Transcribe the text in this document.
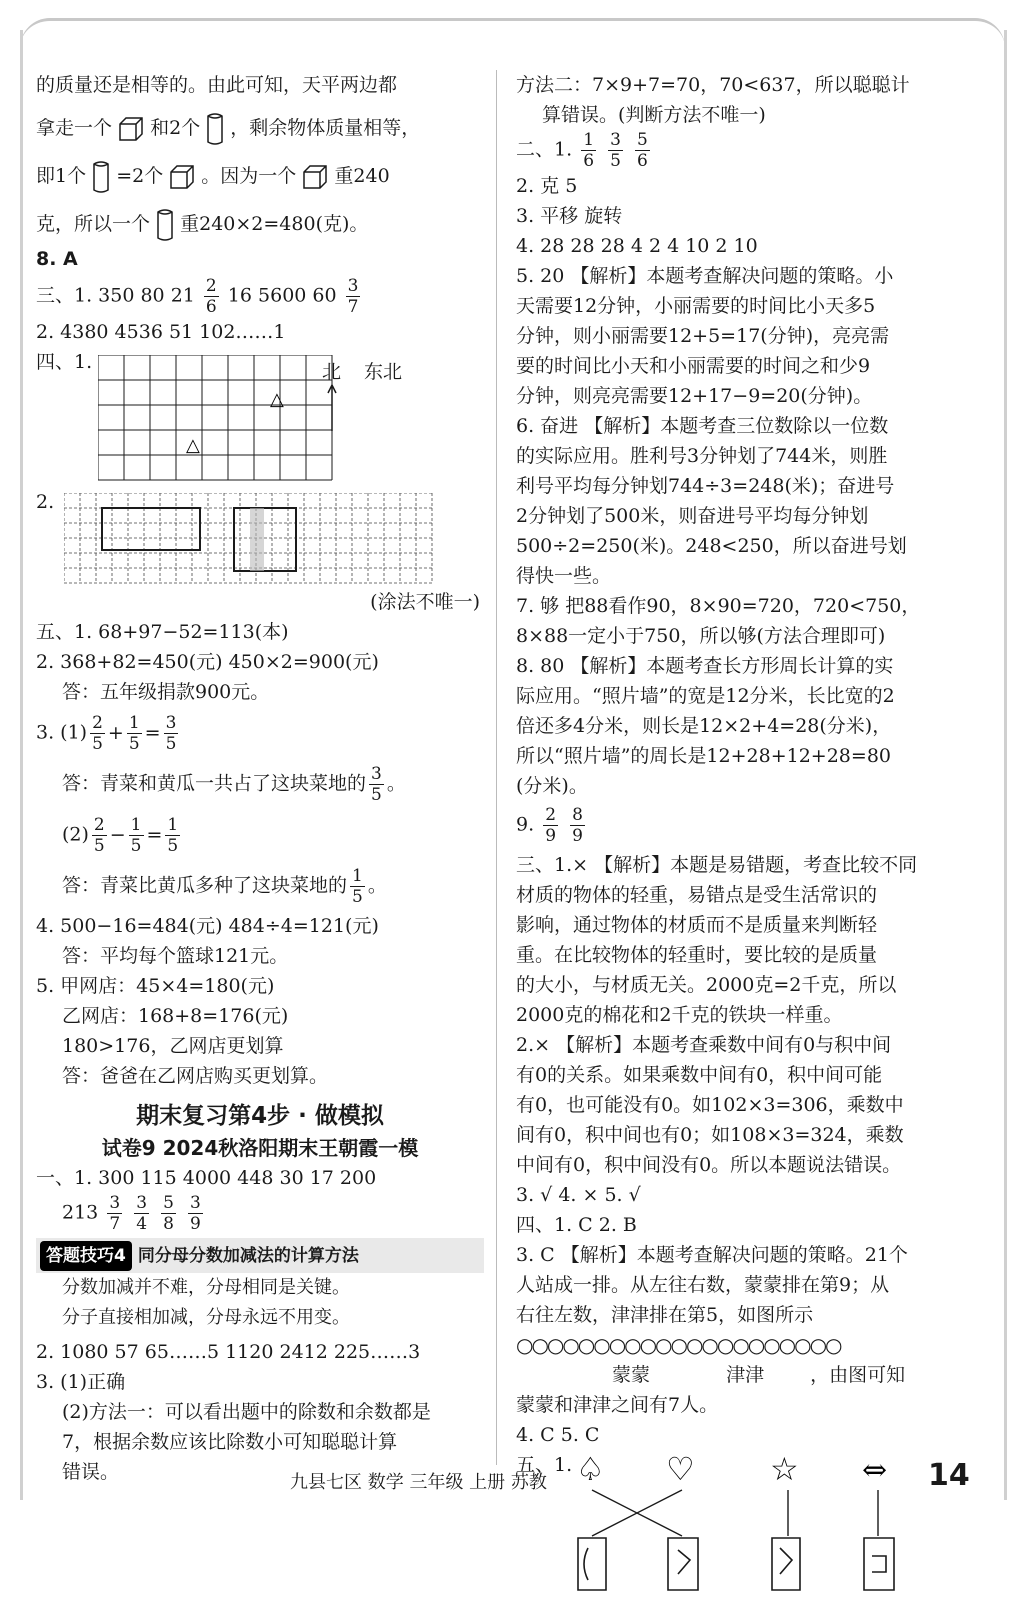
的质量还是相等的。由此可知，天平两边都
拿走一个 和2个 ，剩余物体质量相等，
即1个 =2个 。因为一个 重240
克，所以一个 重240×2=480(克)。
8. A
三、1. 350 80 $21 \frac{2}{6} 16$ 5600 $60 \frac{3}{7}$
2. 4380 4536 51 102……1
四、1.
△
△
北 东北
2.
(涂法不唯一)
五、1. 68+97−52=113(本)
2. 368+82=450(元) 450×2=900(元)
答：五年级捐款900元。
3. $(1) \frac{2}{5} + \frac{1}{5} = \frac{3}{5}$
答：青菜和黄瓜一共占了这块菜地的 $\frac{3}{5}$ 。
$(2) \frac{2}{5} - \frac{1}{5} = \frac{1}{5}$
答：青菜比黄瓜多种了这块菜地的 $\frac{1}{5}$ 。
4. 500−16=484(元) 484÷4=121(元)
答：平均每个篮球121元。
5. 甲网店：45×4=180(元)
乙网店：168+8=176(元)
180>176，乙网店更划算
答：爸爸在乙网店购买更划算。
期末复习第4步 · 做模拟
试卷9 2024秋洛阳期末王朝霞一模
一、1. 300 115 4000 448 30 17 200
$213 \frac{3}{7}$
$\frac{3}{4}$
$\frac{5}{8}$
$\frac{3}{9}$
答题技巧4 同分母分数加减法的计算方法
分数加减并不难，分母相同是关键。
分子直接相加减，分母永远不用变。
2. 1080 57 65……5 1120 2412 225……3
3. (1)正确
(2)方法一：可以看出题中的除数和余数都是
7，根据余数应该比除数小可知聪聪计算
错误。
方法二：7×9+7=70，70<637，所以聪聪计
算错误。(判断方法不唯一)
二、1. $\frac{1}{6}$
$\frac{3}{5}$
$\frac{5}{6}$
2. 克 5
3. 平移 旋转
4. 28 28 28 4 2 4 10 2 10
5. 20 【解析】本题考查解决问题的策略。小
天需要12分钟，小丽需要的时间比小天多5
分钟，则小丽需要12+5=17(分钟)，亮亮需
要的时间比小天和小丽需要的时间之和少9
分钟，则亮亮需要12+17−9=20(分钟)。
6. 奋进 【解析】本题考查三位数除以一位数
的实际应用。胜利号3分钟划了744米，则胜
利号平均每分钟划744÷3=248(米)；奋进号
2分钟划了500米，则奋进号平均每分钟划
500÷2=250(米)。248<250，所以奋进号划
得快一些。
7. 够 把88看作90，8×90=720，720<750，
8×88一定小于750，所以够(方法合理即可)
8. 80 【解析】本题考查长方形周长计算的实
际应用。“照片墙”的宽是12分米，长比宽的2
倍还多4分米，则长是12×2+4=28(分米)，
所以“照片墙”的周长是12+28+12+28=80
(分米)。
9. $\frac{2}{9}$
$\frac{8}{9}$
三、1.× 【解析】本题是易错题，考查比较不同
材质的物体的轻重，易错点是受生活常识的
影响，通过物体的材质而不是质量来判断轻
重。在比较物体的轻重时，要比较的是质量
的大小，与材质无关。2000克=2千克，所以
2000克的棉花和2千克的铁块一样重。
2.× 【解析】本题考查乘数中间有0与积中间
有0的关系。如果乘数中间有0，积中间可能
有0，也可能没有0。如102×3=306，乘数中
间有0，积中间也有0；如108×3=324，乘数
中间有0，积中间没有0。所以本题说法错误。
3. √ 4. × 5. √
四、1. C 2. B
3. C 【解析】本题考查解决问题的策略。21个
人站成一排。从左往右数，蒙蒙排在第9；从
右往左数，津津排在第5，如图所示
○○○○○○○○○○○○○○○○○○○○○
蒙蒙	津津 ，由图可知
蒙蒙和津津之间有7人。
4. C 5. C
五、1. ♤ ♡ ☆ ⇔
九县七区 数学 三年级 上册 苏教	14
